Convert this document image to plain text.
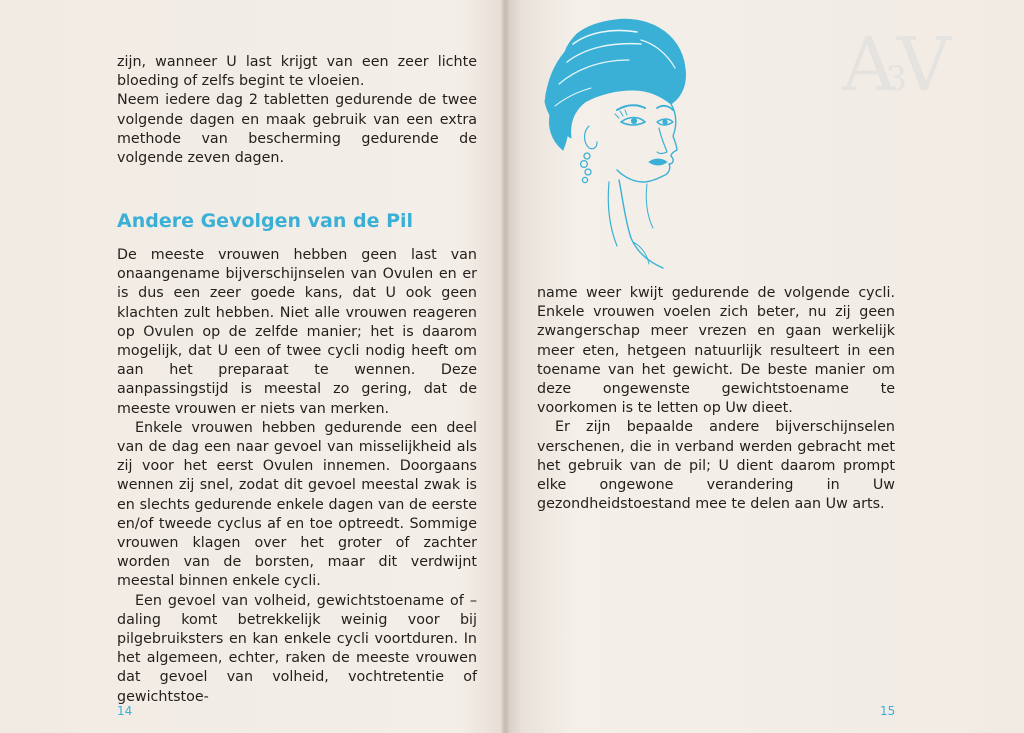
zijn, wanneer U last krijgt van een zeer lichte bloeding of zelfs begint te vloeien.

Neem iedere dag 2 tabletten gedurende de twee volgende dagen en maak gebruik van een extra methode van bescherming gedurende de volgende zeven dagen.

Andere Gevolgen van de Pil

De meeste vrouwen hebben geen last van onaangename bijverschijnselen van Ovulen en er is dus een zeer goede kans, dat U ook geen klachten zult hebben. Niet alle vrouwen reageren op Ovulen op de zelfde manier; het is daarom mogelijk, dat U een of twee cycli nodig heeft om aan het preparaat te wennen. Deze aanpassingstijd is meestal zo gering, dat de meeste vrouwen er niets van merken.

Enkele vrouwen hebben gedurende een deel van de dag een naar gevoel van misselijkheid als zij voor het eerst Ovulen innemen. Doorgaans wennen zij snel, zodat dit gevoel meestal zwak is en slechts gedurende enkele dagen van de eerste en/of tweede cyclus af en toe optreedt. Sommige vrouwen klagen over het groter of zachter worden van de borsten, maar dit verdwijnt meestal binnen enkele cycli.

Een gevoel van volheid, gewichtstoename of – daling komt betrekkelijk weinig voor bij pilgebruiksters en kan enkele cycli voortduren. In het algemeen, echter, raken de meeste vrouwen dat gevoel van volheid, vochtretentie of gewichtstoe-

14
A3V

name weer kwijt gedurende de volgende cycli. Enkele vrouwen voelen zich beter, nu zij geen zwangerschap meer vrezen en gaan werkelijk meer eten, hetgeen natuurlijk resulteert in een toename van het gewicht. De beste manier om deze ongewenste gewichtstoename te voorkomen is te letten op Uw dieet.

Er zijn bepaalde andere bijverschijnselen verschenen, die in verband werden gebracht met het gebruik van de pil; U dient daarom prompt elke ongewone verandering in Uw gezondheidstoestand mee te delen aan Uw arts.

15
